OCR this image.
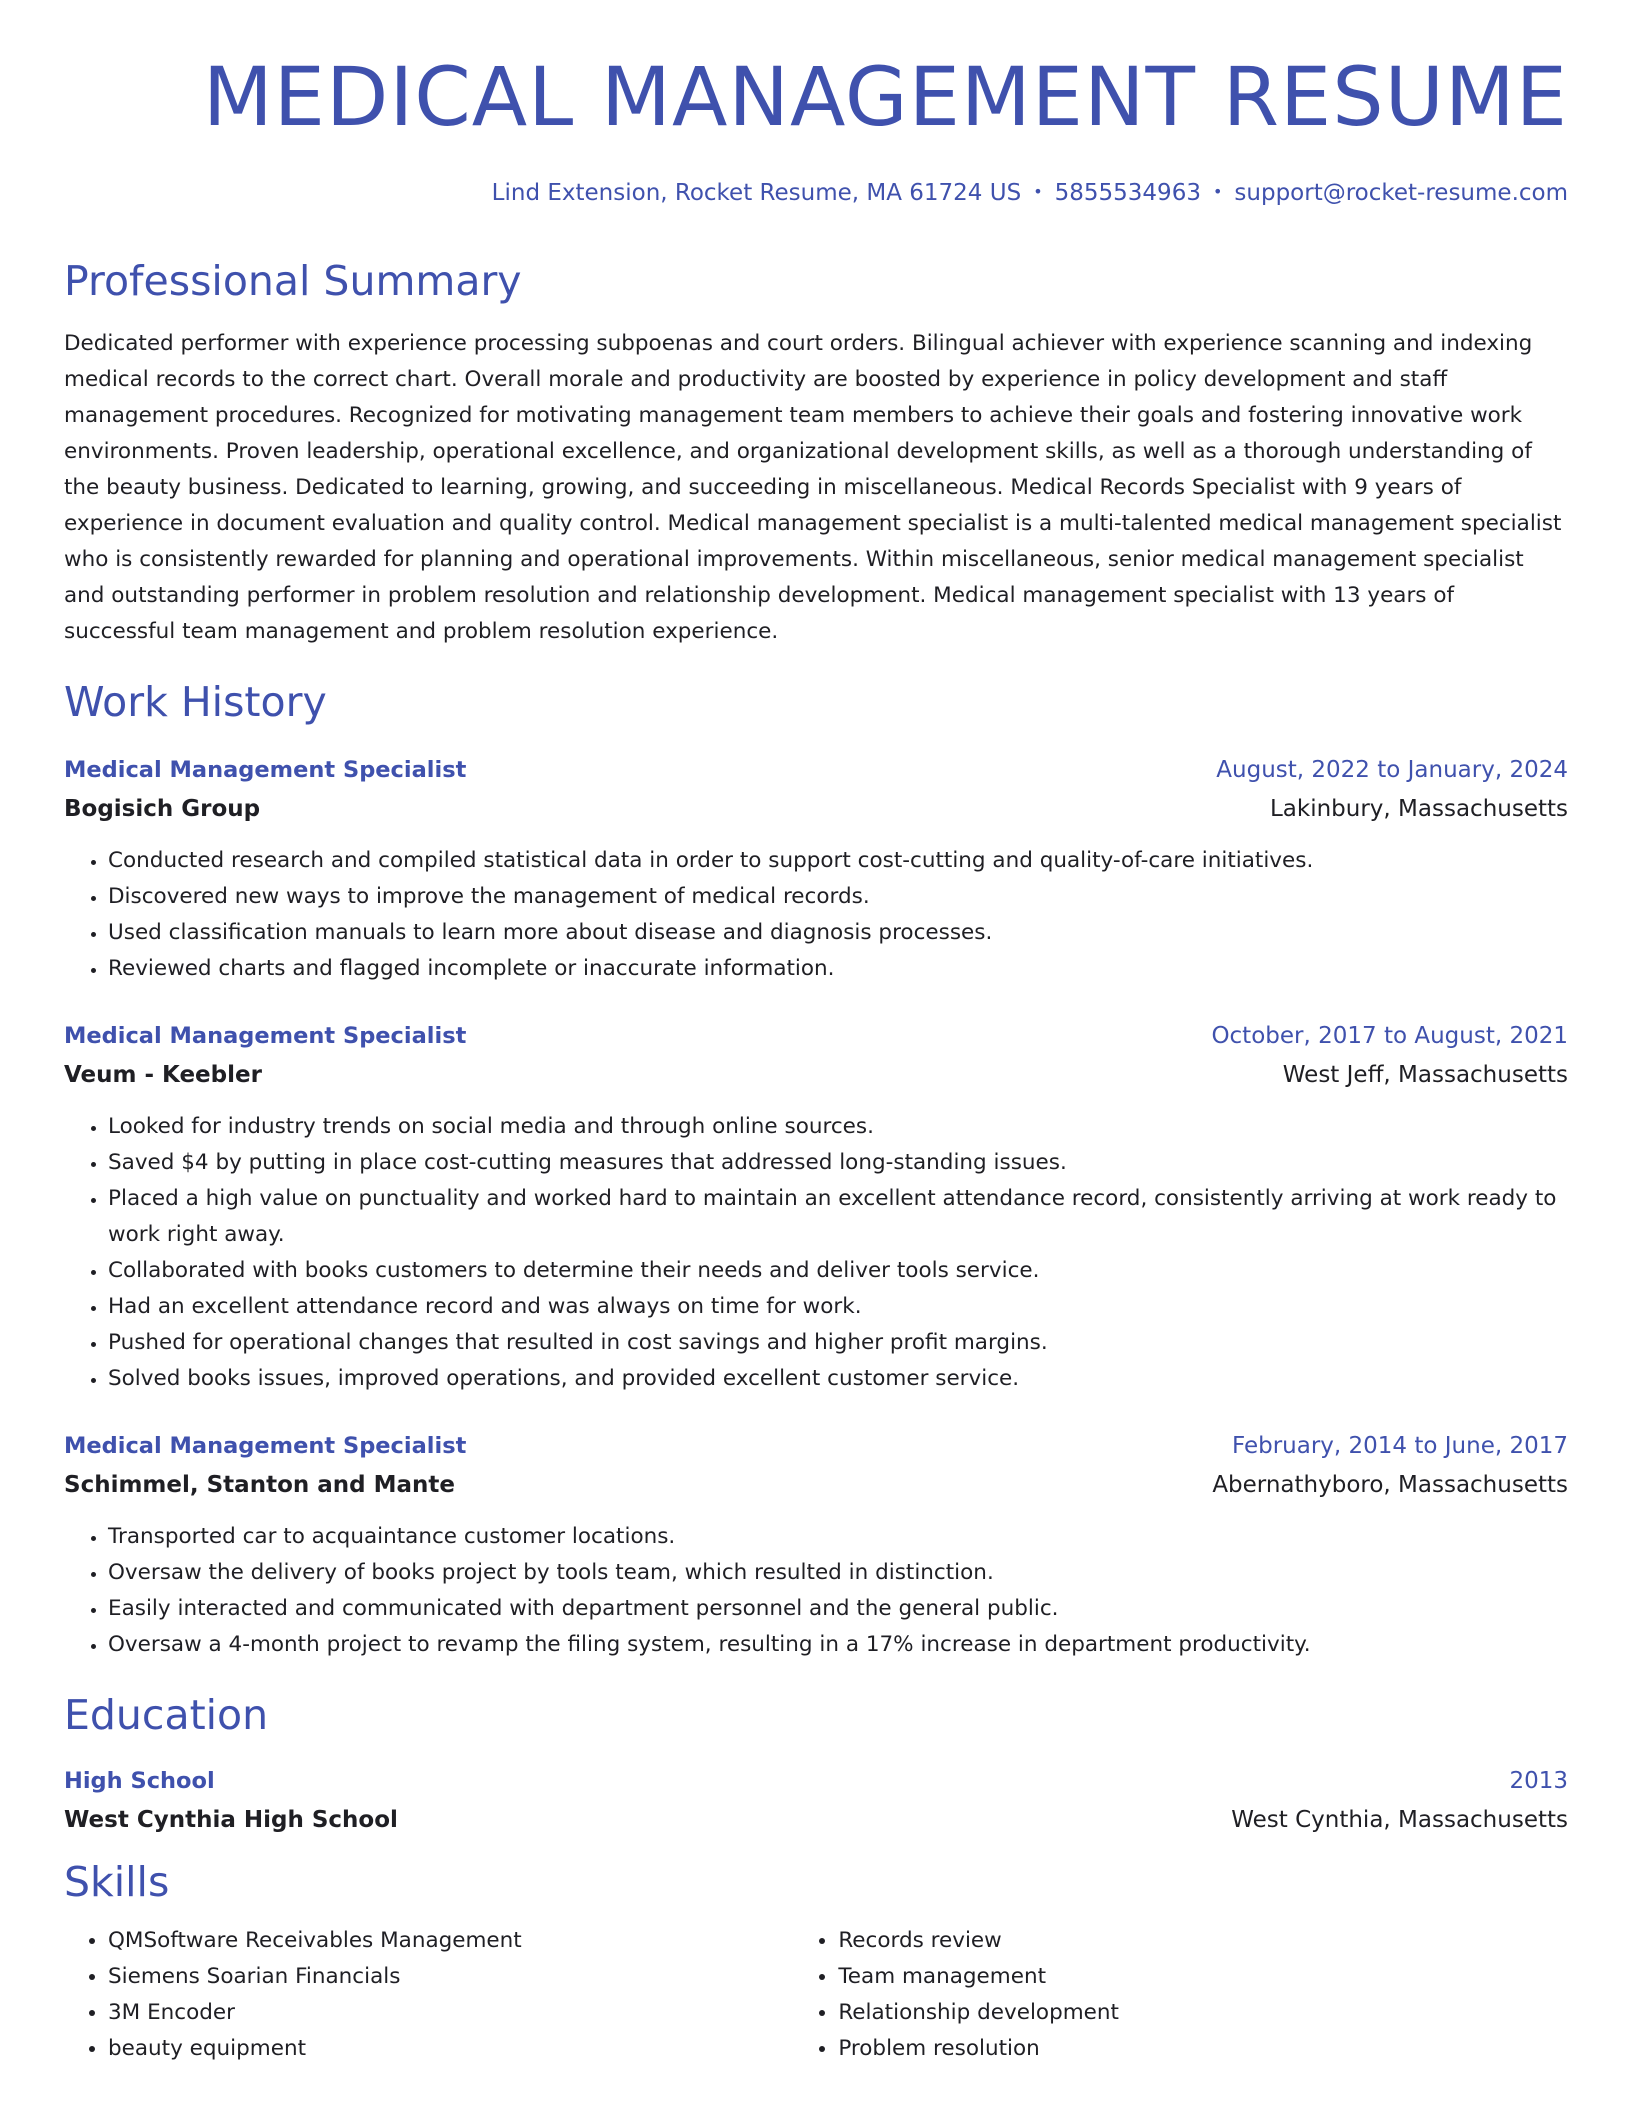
MEDICAL MANAGEMENT RESUME
Lind Extension, Rocket Resume, MA 61724 US • 5855534963 • support@rocket-resume.com
Professional Summary
Dedicated performer with experience processing subpoenas and court orders. Bilingual achiever with experience scanning and indexing medical records to the correct chart. Overall morale and productivity are boosted by experience in policy development and staff management procedures. Recognized for motivating management team members to achieve their goals and fostering innovative work environments. Proven leadership, operational excellence, and organizational development skills, as well as a thorough understanding of the beauty business. Dedicated to learning, growing, and succeeding in miscellaneous. Medical Records Specialist with 9 years of experience in document evaluation and quality control. Medical management specialist is a multi-talented medical management specialist who is consistently rewarded for planning and operational improvements. Within miscellaneous, senior medical management specialist and outstanding performer in problem resolution and relationship development. Medical management specialist with 13 years of successful team management and problem resolution experience.
Work History
Medical Management Specialist	August, 2022 to January, 2024
Bogisich Group	Lakinbury, Massachusetts
• Conducted research and compiled statistical data in order to support cost-cutting and quality-of-care initiatives.
• Discovered new ways to improve the management of medical records.
• Used classification manuals to learn more about disease and diagnosis processes.
• Reviewed charts and flagged incomplete or inaccurate information.
Medical Management Specialist	October, 2017 to August, 2021
Veum - Keebler	West Jeff, Massachusetts
• Looked for industry trends on social media and through online sources.
• Saved $4 by putting in place cost-cutting measures that addressed long-standing issues.
• Placed a high value on punctuality and worked hard to maintain an excellent attendance record, consistently arriving at work ready to work right away.
• Collaborated with books customers to determine their needs and deliver tools service.
• Had an excellent attendance record and was always on time for work.
• Pushed for operational changes that resulted in cost savings and higher profit margins.
• Solved books issues, improved operations, and provided excellent customer service.
Medical Management Specialist	February, 2014 to June, 2017
Schimmel, Stanton and Mante	Abernathyboro, Massachusetts
• Transported car to acquaintance customer locations.
• Oversaw the delivery of books project by tools team, which resulted in distinction.
• Easily interacted and communicated with department personnel and the general public.
• Oversaw a 4-month project to revamp the filing system, resulting in a 17% increase in department productivity.
Education
High School	2013
West Cynthia High School	West Cynthia, Massachusetts
Skills
• QMSoftware Receivables Management
• Siemens Soarian Financials
• 3M Encoder
• beauty equipment
• Records review
• Team management
• Relationship development
• Problem resolution
